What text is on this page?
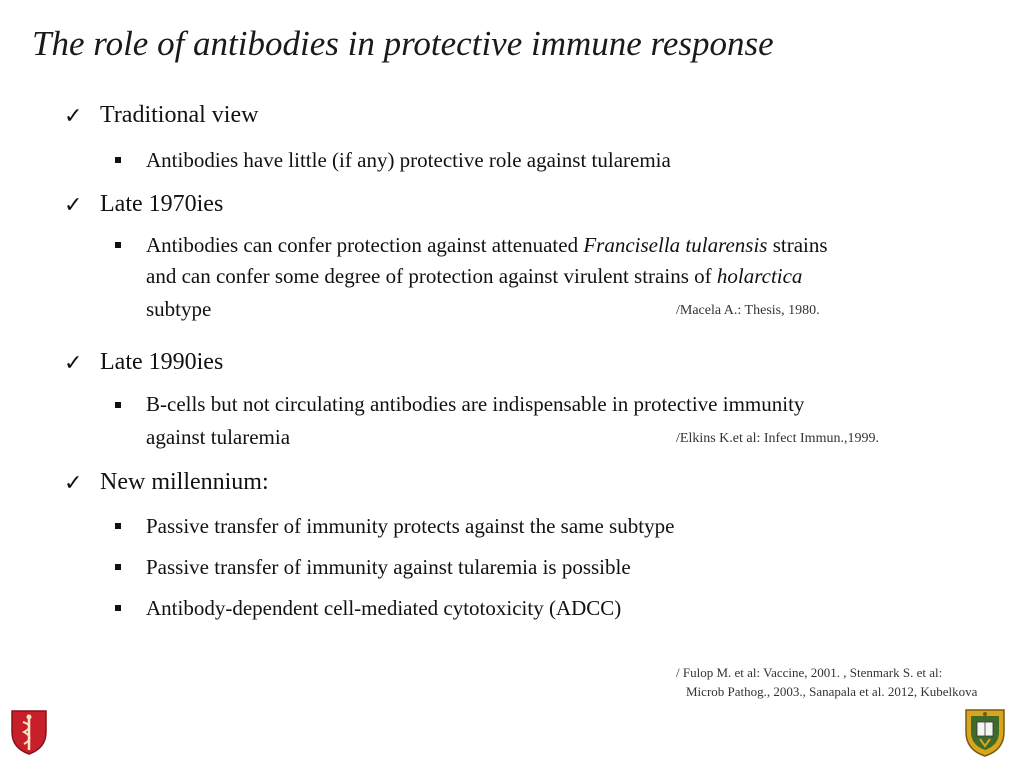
The role of antibodies in protective immune response
✓ Traditional view
Antibodies have little (if any) protective role against tularemia
✓ Late 1970ies
Antibodies can confer protection against attenuated Francisella tularensis strains
and can confer some degree of protection against virulent strains of holarctica
subtype	/Macela A.: Thesis, 1980.
✓ Late 1990ies
B-cells but not circulating antibodies are indispensable in protective immunity
against tularemia	/Elkins K.et al: Infect Immun.,1999.
✓ New millennium:
Passive transfer of immunity protects against the same subtype
Passive transfer of immunity against tularemia is possible
Antibody-dependent cell-mediated cytotoxicity (ADCC)
/ Fulop M. et al: Vaccine, 2001. , Stenmark S. et al:
Microb Pathog., 2003., Sanapala et al. 2012, Kubelkova
